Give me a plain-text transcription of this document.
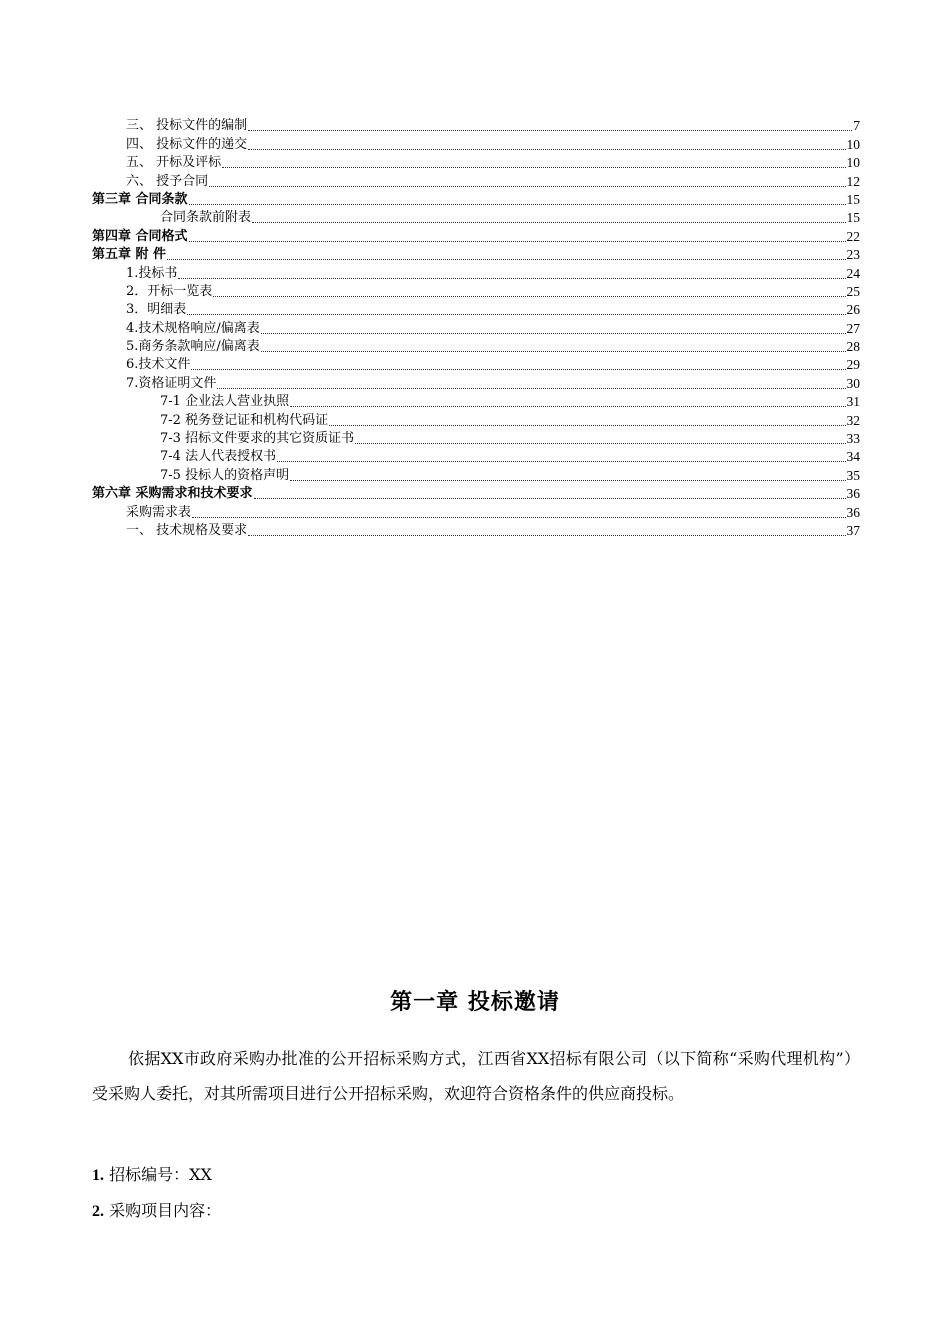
三、 投标文件的编制	7
四、 投标文件的递交	10
五、 开标及评标	10
六、 授予合同	12
第三章 合同条款	15
合同条款前附表	15
第四章 合同格式	22
第五章 附 件	23
1.投标书	24
2．开标一览表	25
3．明细表	26
4.技术规格响应/偏离表	27
5.商务条款响应/偏离表	28
6.技术文件	29
7.资格证明文件	30
7-1 企业法人营业执照	31
7-2 税务登记证和机构代码证	32
7-3 招标文件要求的其它资质证书	33
7-4 法人代表授权书	34
7-5 投标人的资格声明	35
第六章 采购需求和技术要求	36
采购需求表	36
一、 技术规格及要求	37
第一章 投标邀请
依据XX市政府采购办批准的公开招标采购方式，江西省XX招标有限公司（以下简称“采购代理机构”）受采购人委托，对其所需项目进行公开招标采购，欢迎符合资格条件的供应商投标。
1. 招标编号：XX
2. 采购项目内容：
